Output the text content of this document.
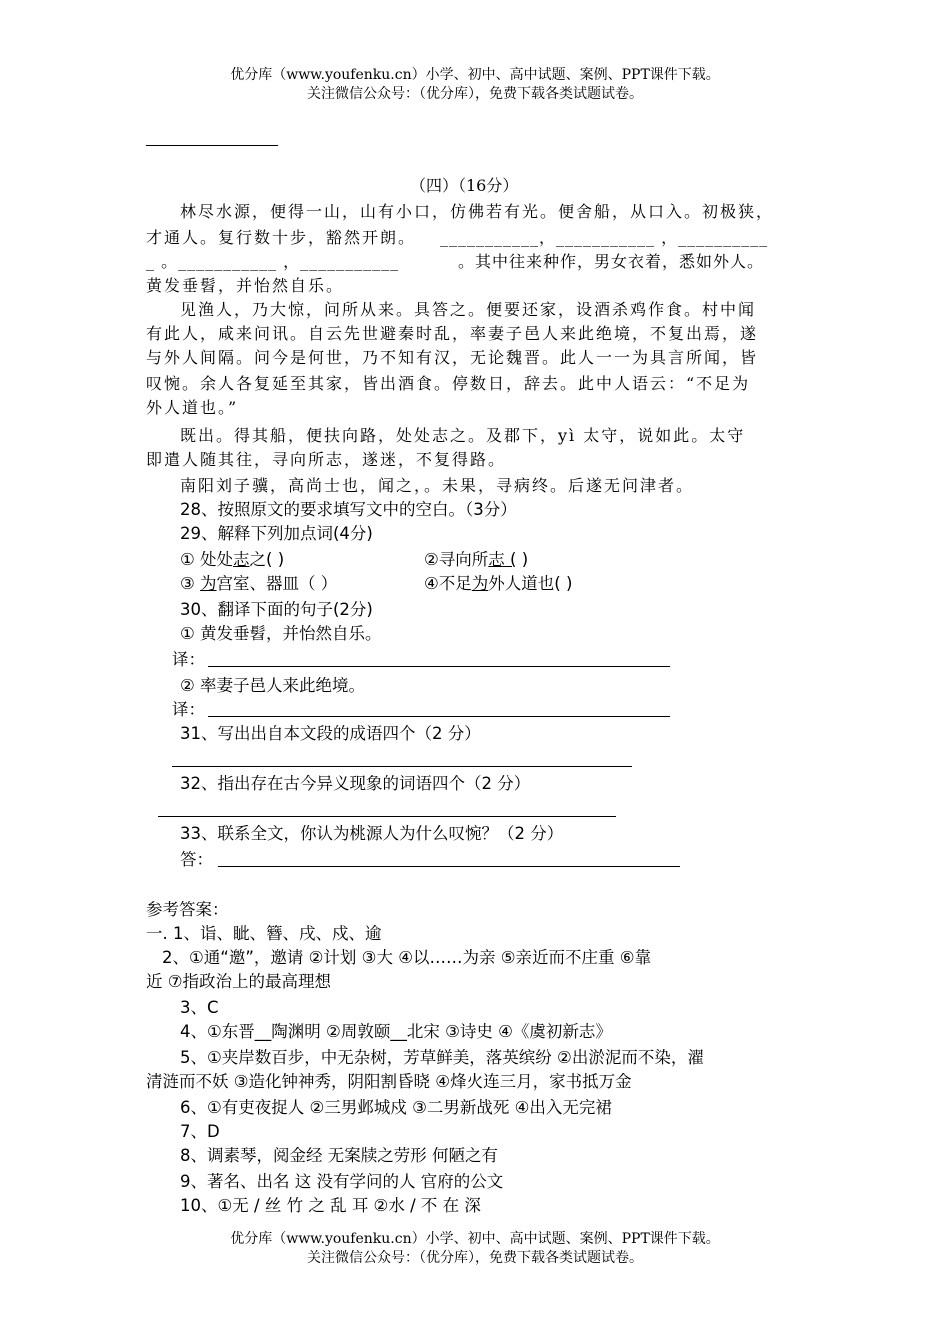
优分库（www.youfenku.cn）小学、初中、高中试题、案例、PPT课件下载。
关注微信公众号：（优分库），免费下载各类试题试卷。
（四）（16分）
林尽水源，便得一山，山有小口，仿佛若有光。便舍船，从口入。初极狭，
才通人。复行数十步，豁然开朗。 ___________，___________ ，__________
_ 。___________ ，___________	。其中往来种作，男女衣着，悉如外人。
黄发垂髫，并怡然自乐。
见渔人，乃大惊，问所从来。具答之。便要还家，设酒杀鸡作食。村中闻
有此人，咸来问讯。自云先世避秦时乱，率妻子邑人来此绝境，不复出焉，遂
与外人间隔。问今是何世，乃不知有汉，无论魏晋。此人一一为具言所闻，皆
叹惋。余人各复延至其家，皆出酒食。停数日，辞去。此中人语云：“不足为
外人道也。”
既出。得其船，便扶向路，处处志之。及郡下，yì 太守，说如此。太守
即遣人随其往，寻向所志，遂迷，不复得路。
南阳刘子骥，高尚士也，闻之，。未果，寻病终。后遂无问津者。
28、按照原文的要求填写文中的空白。（3分）
29、解释下列加点词(4分)
① 处处志之( )	②寻向所志 ( )
③ 为宫室、器皿（ ）	④不足为外人道也( )
30、翻译下面的句子(2分)
① 黄发垂髫，并怡然自乐。
译：
② 率妻子邑人来此绝境。
译：
31、写出出自本文段的成语四个（2 分）
32、指出存在古今异义现象的词语四个（2 分）
33、联系全文，你认为桃源人为什么叹惋？（2 分）
答：
参考答案：
一. 1、诣、眦、簪、戌、戍、逾
2、①通“邀”，邀请 ②计划 ③大 ④以……为亲 ⑤亲近而不庄重 ⑥靠
近 ⑦指政治上的最高理想
3、C
4、①东晋__陶渊明 ②周敦颐__北宋 ③诗史 ④《虞初新志》
5、①夹岸数百步，中无杂树，芳草鲜美，落英缤纷 ②出淤泥而不染，濯
清涟而不妖 ③造化钟神秀，阴阳割昏晓 ④烽火连三月，家书抵万金
6、①有吏夜捉人 ②三男邺城戍 ③二男新战死 ④出入无完裙
7、D
8、调素琴，阅金经 无案牍之劳形 何陋之有
9、著名、出名 这 没有学问的人 官府的公文
10、①无 / 丝 竹 之 乱 耳 ②水 / 不 在 深
优分库（www.youfenku.cn）小学、初中、高中试题、案例、PPT课件下载。
关注微信公众号：（优分库），免费下载各类试题试卷。
